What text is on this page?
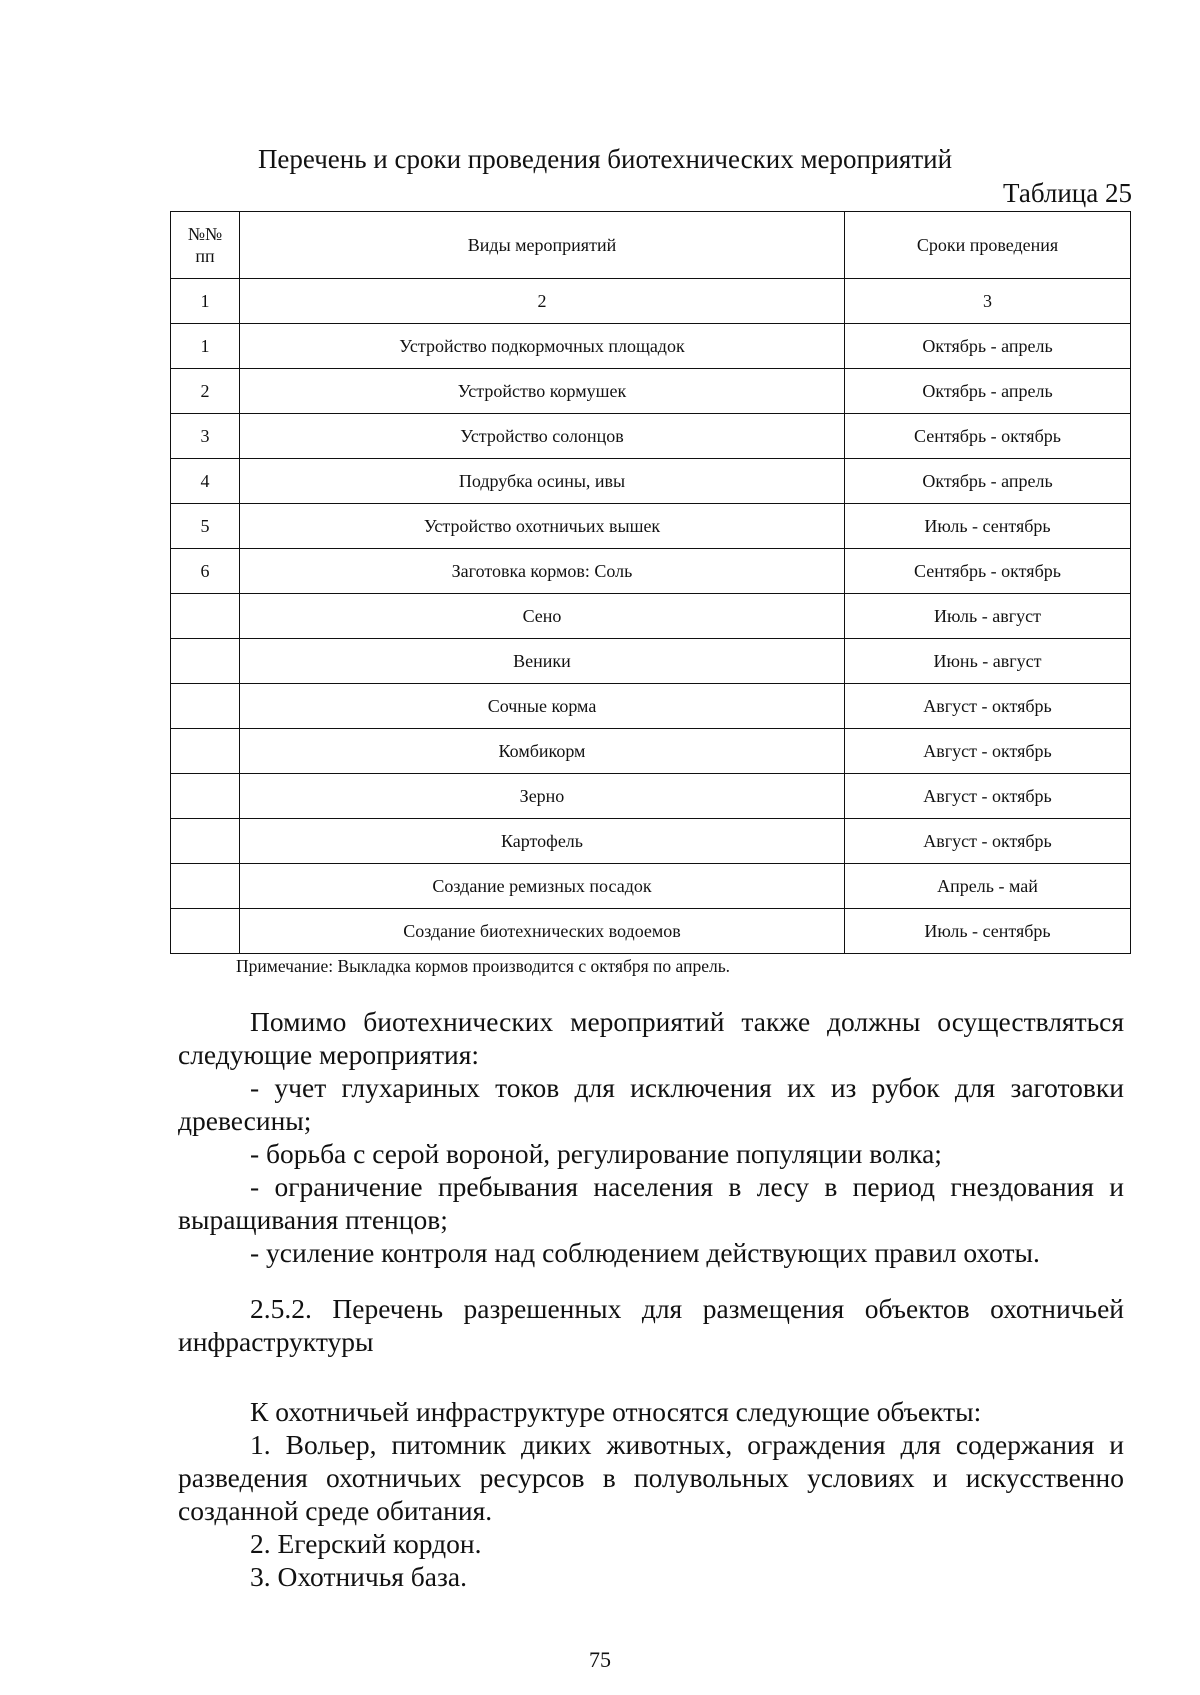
Перечень и сроки проведения биотехнических мероприятий
Таблица 25
№№ пп	Виды мероприятий	Сроки проведения
1	2	3
1	Устройство подкормочных площадок	Октябрь - апрель
2	Устройство кормушек	Октябрь - апрель
3	Устройство солонцов	Сентябрь - октябрь
4	Подрубка осины, ивы	Октябрь - апрель
5	Устройство охотничьих вышек	Июль - сентябрь
6	Заготовка кормов: Соль	Сентябрь - октябрь
	Сено	Июль - август
	Веники	Июнь - август
	Сочные корма	Август - октябрь
	Комбикорм	Август - октябрь
	Зерно	Август - октябрь
	Картофель	Август - октябрь
	Создание ремизных посадок	Апрель - май
	Создание биотехнических водоемов	Июль - сентябрь
Примечание: Выкладка кормов производится с октября по апрель.

Помимо биотехнических мероприятий также должны осуществляться следующие мероприятия:

- учет глухариных токов для исключения их из рубок для заготовки древесины;

- борьба с серой вороной, регулирование популяции волка;

- ограничение пребывания населения в лесу в период гнездования и выращивания птенцов;

- усиление контроля над соблюдением действующих правил охоты.

2.5.2. Перечень разрешенных для размещения объектов охотничьей инфраструктуры

К охотничьей инфраструктуре относятся следующие объекты:

1. Вольер, питомник диких животных, ограждения для содержания и разведения охотничьих ресурсов в полувольных условиях и искусственно созданной среде обитания.

2. Егерский кордон.

3. Охотничья база.

75
